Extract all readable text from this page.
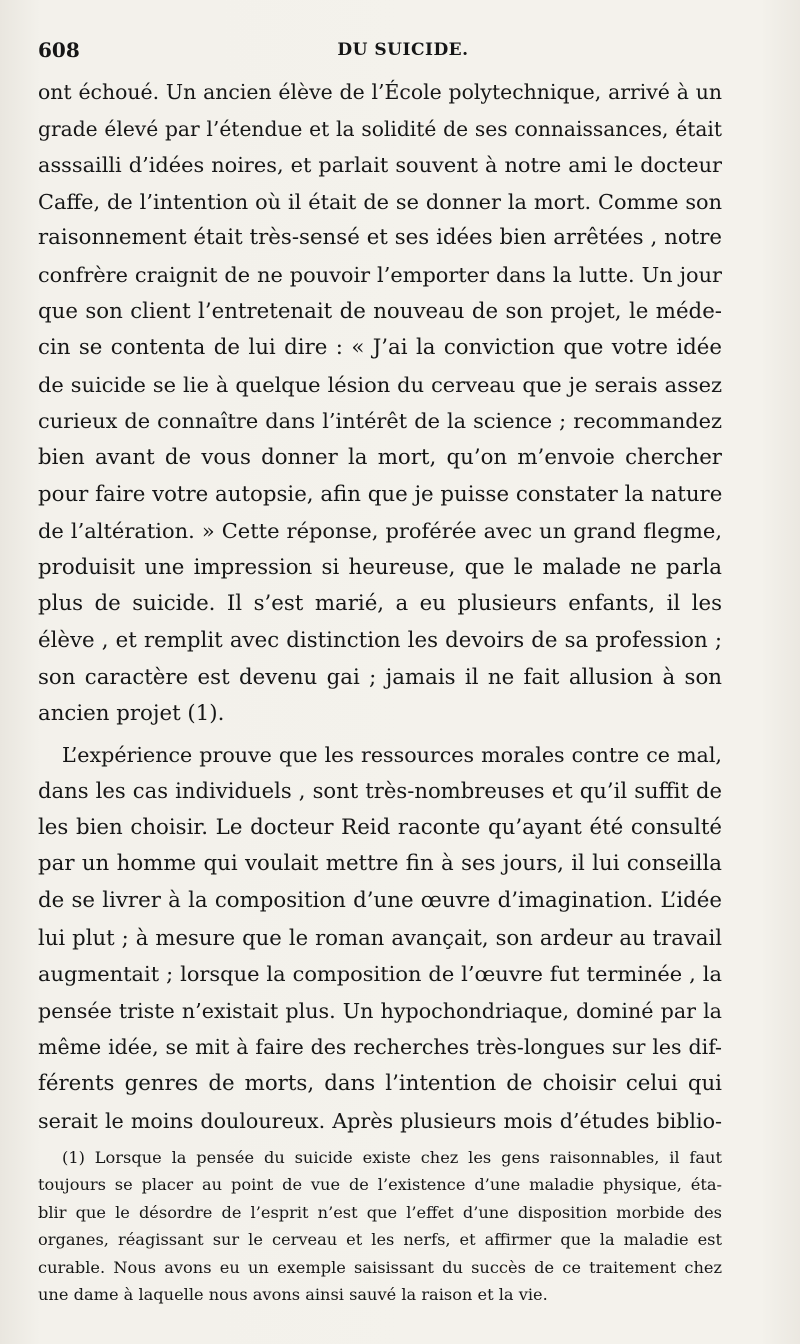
608	DU SUICIDE.

ont échoué. Un ancien élève de l’École polytechnique, arrivé à un
grade élevé par l’étendue et la solidité de ses connaissances, était
asssailli d’idées noires, et parlait souvent à notre ami le docteur
Caffe, de l’intention où il était de se donner la mort. Comme son
raisonnement était très-sensé et ses idées bien arrêtées , notre
confrère craignit de ne pouvoir l’emporter dans la lutte. Un jour
que son client l’entretenait de nouveau de son projet, le méde-
cin se contenta de lui dire : « J’ai la conviction que votre idée
de suicide se lie à quelque lésion du cerveau que je serais assez
curieux de connaître dans l’intérêt de la science ; recommandez
bien avant de vous donner la mort, qu’on m’envoie chercher
pour faire votre autopsie, afin que je puisse constater la nature
de l’altération. » Cette réponse, proférée avec un grand flegme,
produisit une impression si heureuse, que le malade ne parla
plus de suicide. Il s’est marié, a eu plusieurs enfants, il les
élève , et remplit avec distinction les devoirs de sa profession ;
son caractère est devenu gai ; jamais il ne fait allusion à son
ancien projet (1).

L’expérience prouve que les ressources morales contre ce mal,
dans les cas individuels , sont très-nombreuses et qu’il suffit de
les bien choisir. Le docteur Reid raconte qu’ayant été consulté
par un homme qui voulait mettre fin à ses jours, il lui conseilla
de se livrer à la composition d’une œuvre d’imagination. L’idée
lui plut ; à mesure que le roman avançait, son ardeur au travail
augmentait ; lorsque la composition de l’œuvre fut terminée , la
pensée triste n’existait plus. Un hypochondriaque, dominé par la
même idée, se mit à faire des recherches très-longues sur les dif-
férents genres de morts, dans l’intention de choisir celui qui
serait le moins douloureux. Après plusieurs mois d’études biblio-

(1) Lorsque la pensée du suicide existe chez les gens raisonnables, il faut
toujours se placer au point de vue de l’existence d’une maladie physique, éta-
blir que le désordre de l’esprit n’est que l’effet d’une disposition morbide des
organes, réagissant sur le cerveau et les nerfs, et affirmer que la maladie est
curable. Nous avons eu un exemple saisissant du succès de ce traitement chez
une dame à laquelle nous avons ainsi sauvé la raison et la vie.
